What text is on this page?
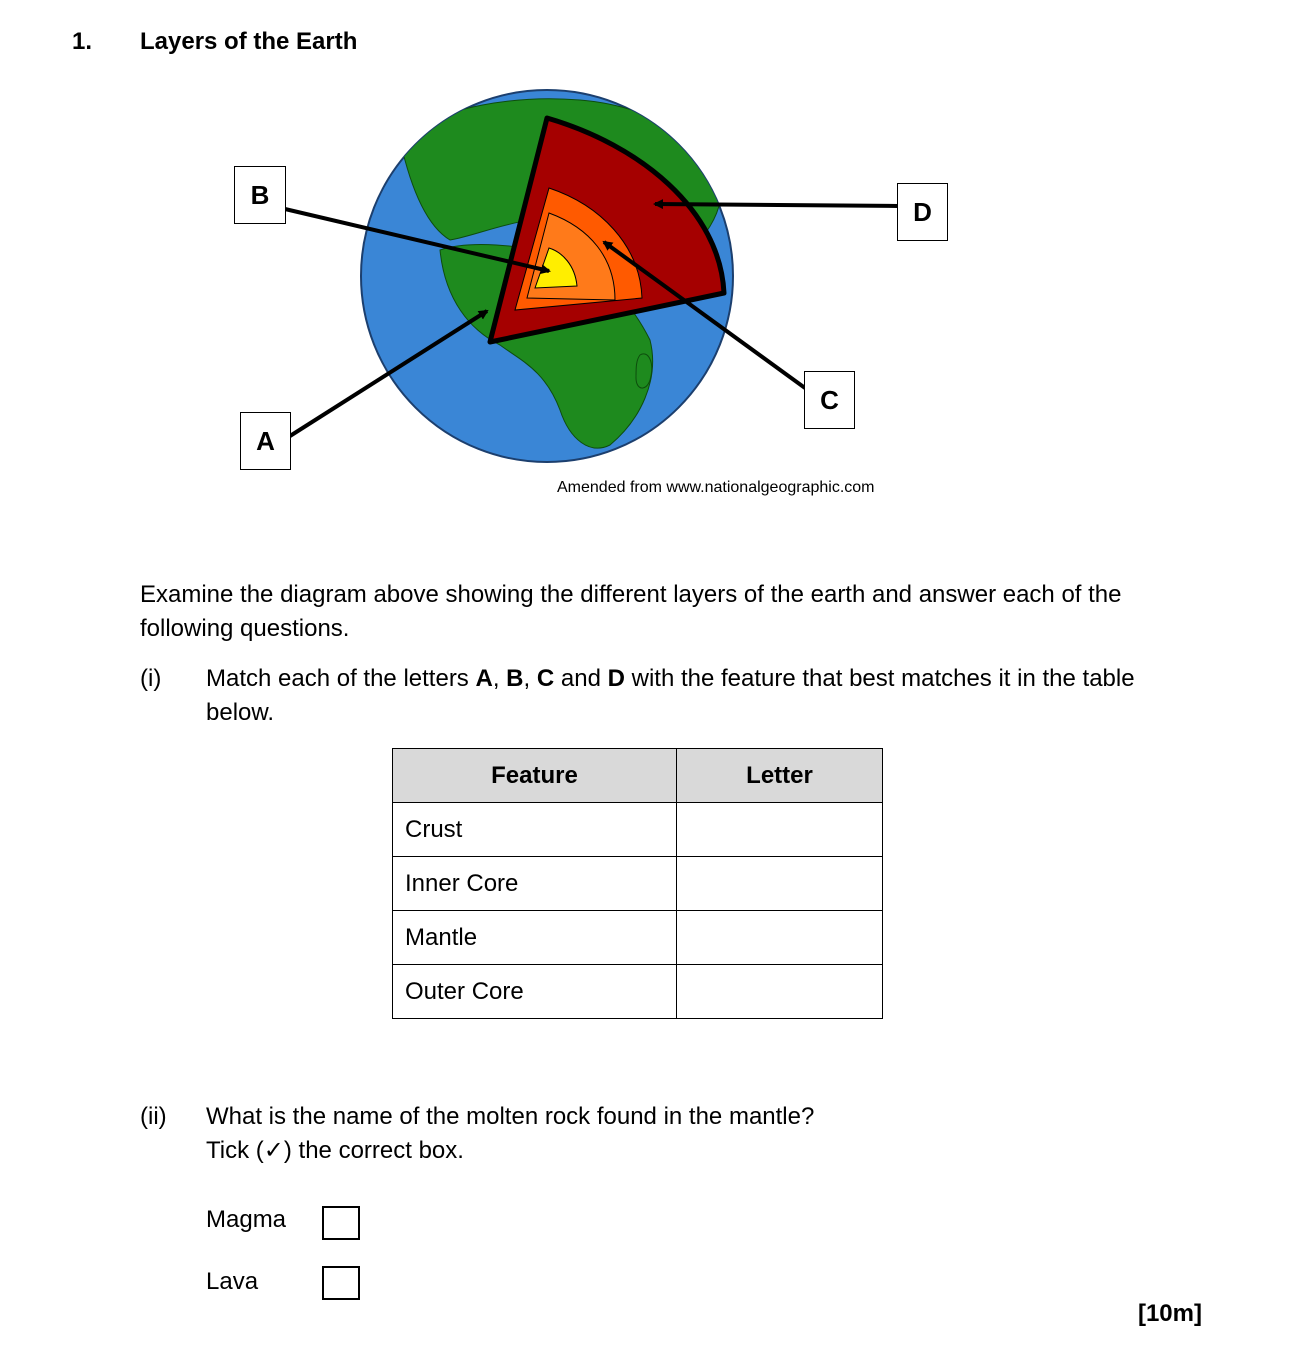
1. Layers of the Earth
B
A
C
D
Amended from www.nationalgeographic.com
Examine the diagram above showing the different layers of the earth and answer each of the following questions.
(i) Match each of the letters A, B, C and D with the feature that best matches it in the table below.
Feature	Letter
Crust	
Inner Core	
Mantle	
Outer Core	
(ii) What is the name of the molten rock found in the mantle?
Tick (✓) the correct box.
Magma
Lava
[10m]
